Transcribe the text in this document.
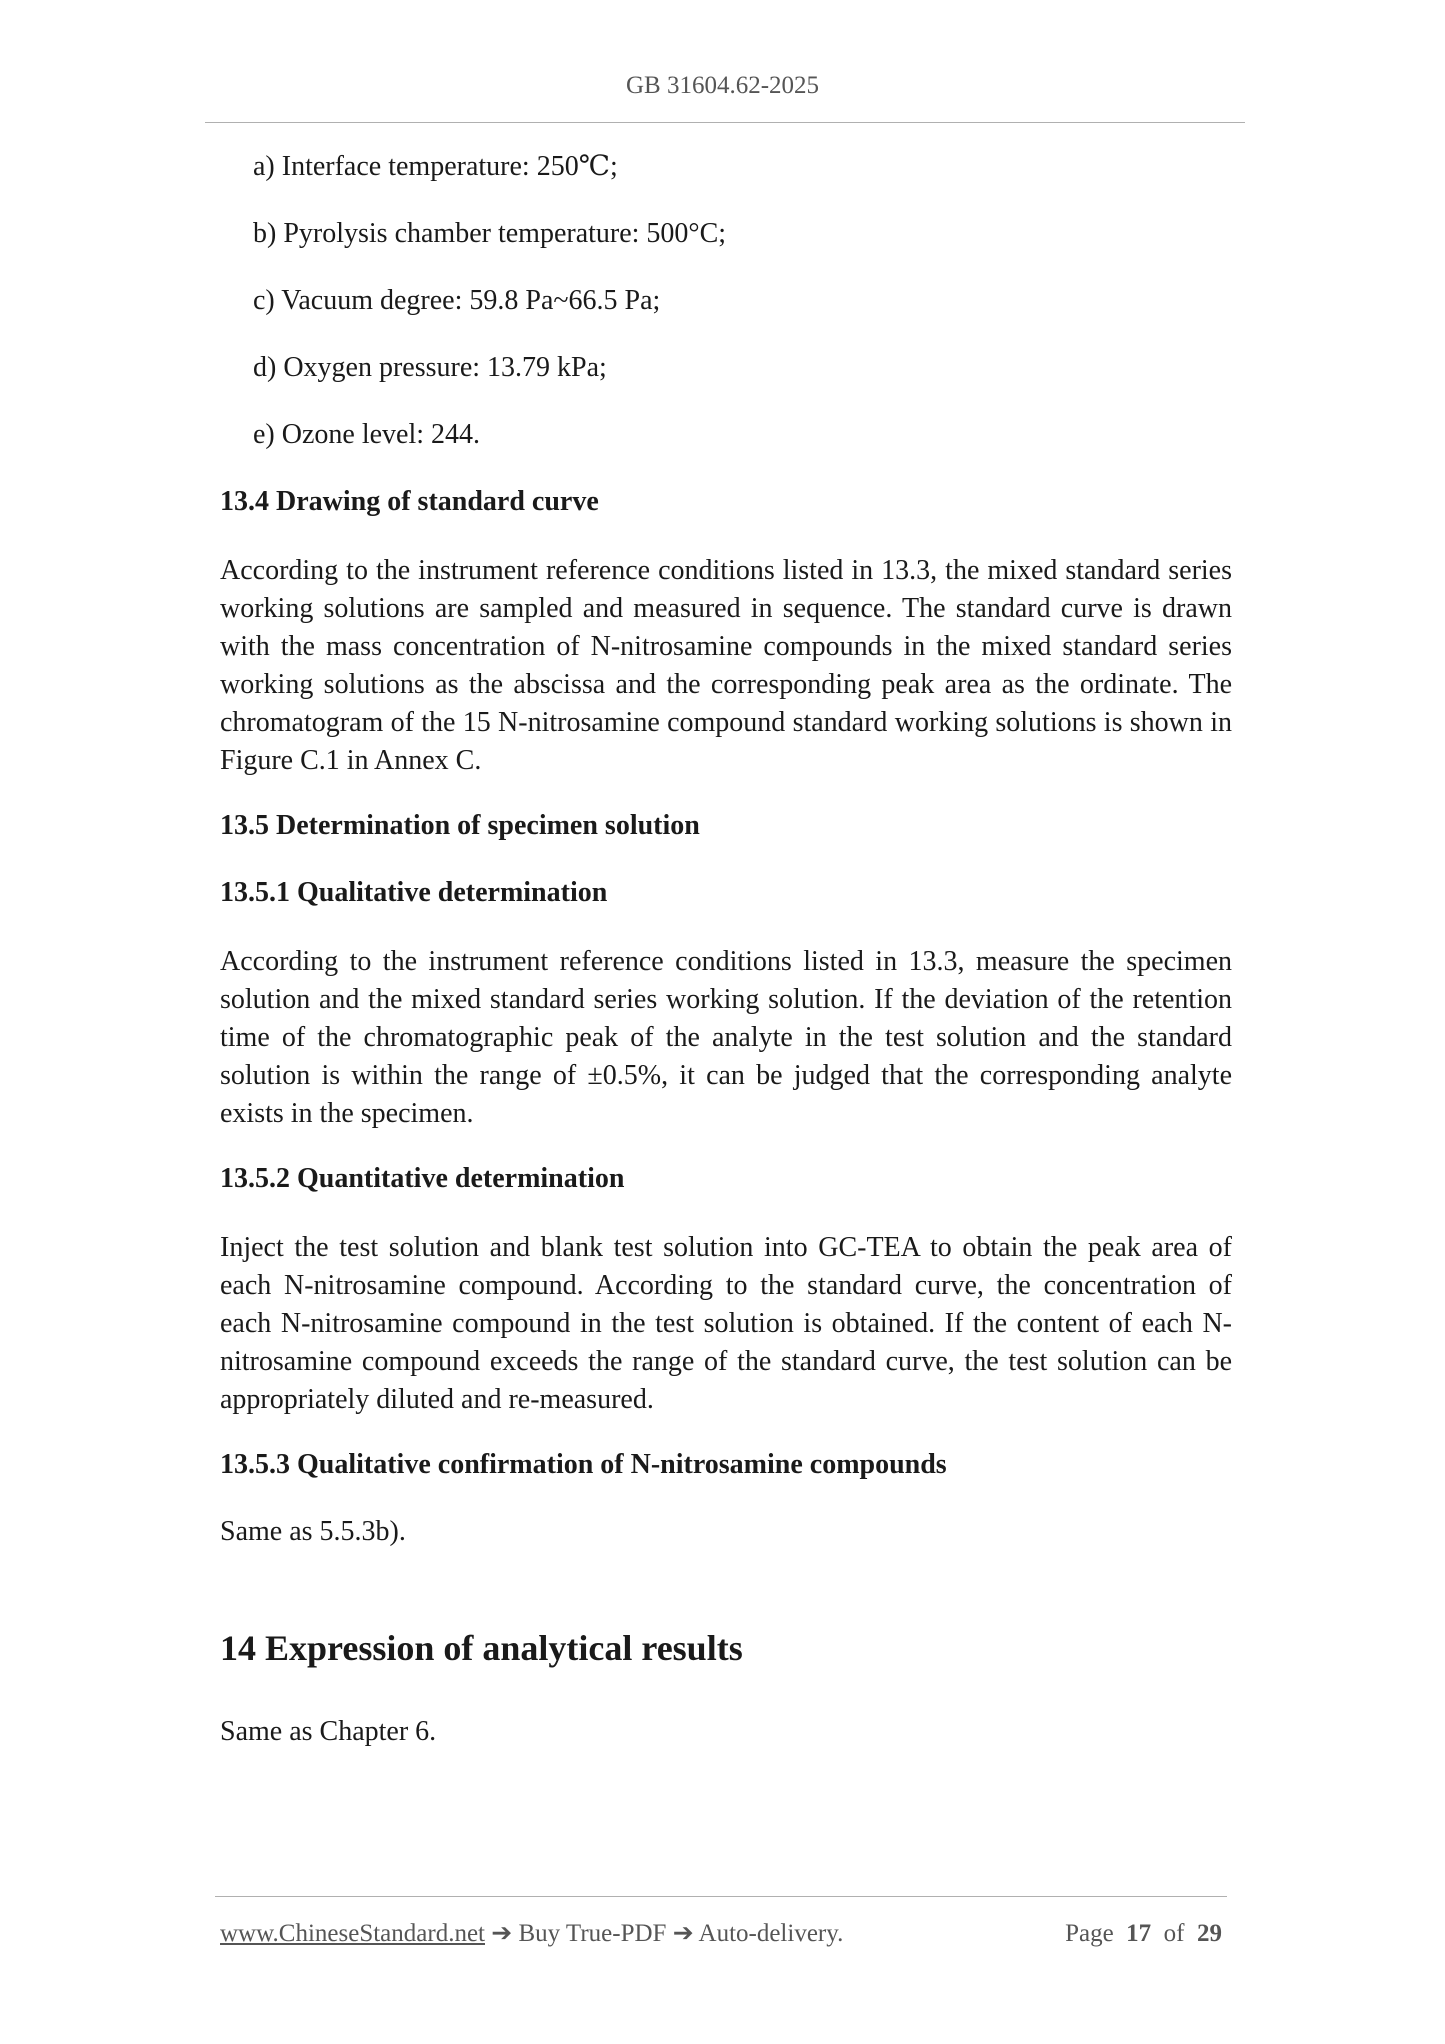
GB 31604.62-2025
a) Interface temperature: 250℃;
b) Pyrolysis chamber temperature: 500°C;
c) Vacuum degree: 59.8 Pa~66.5 Pa;
d) Oxygen pressure: 13.79 kPa;
e) Ozone level: 244.
13.4 Drawing of standard curve

According to the instrument reference conditions listed in 13.3, the mixed standard series working solutions are sampled and measured in sequence. The standard curve is drawn with the mass concentration of N-nitrosamine compounds in the mixed standard series working solutions as the abscissa and the corresponding peak area as the ordinate. The chromatogram of the 15 N-nitrosamine compound standard working solutions is shown in Figure C.1 in Annex C.

13.5 Determination of specimen solution
13.5.1 Qualitative determination

According to the instrument reference conditions listed in 13.3, measure the specimen solution and the mixed standard series working solution. If the deviation of the retention time of the chromatographic peak of the analyte in the test solution and the standard solution is within the range of ±0.5%, it can be judged that the corresponding analyte exists in the specimen.

13.5.2 Quantitative determination

Inject the test solution and blank test solution into GC-TEA to obtain the peak area of each N-nitrosamine compound. According to the standard curve, the concentration of each N-nitrosamine compound in the test solution is obtained. If the content of each N-nitrosamine compound exceeds the range of the standard curve, the test solution can be appropriately diluted and re-measured.

13.5.3 Qualitative confirmation of N-nitrosamine compounds

Same as 5.5.3b).

14 Expression of analytical results

Same as Chapter 6.

www.ChineseStandard.net ➔ Buy True-PDF ➔ Auto-delivery.	Page 17 of 29
